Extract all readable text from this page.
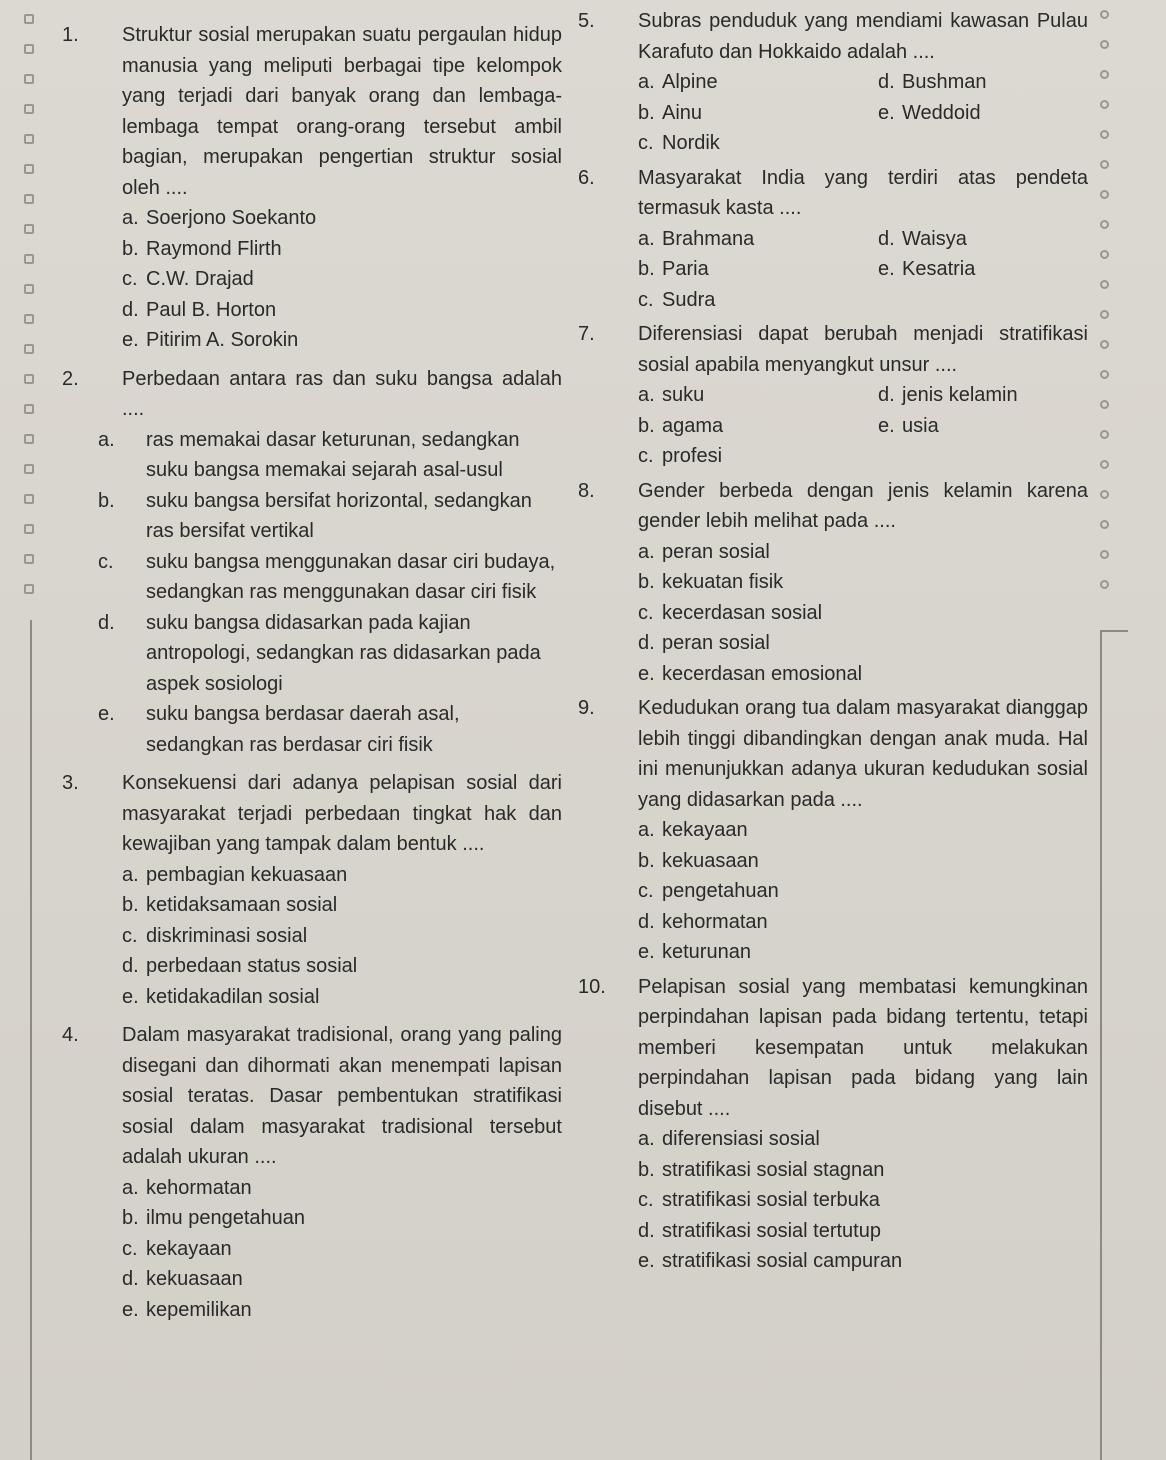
1. Struktur sosial merupakan suatu pergaulan hidup manusia yang meliputi berbagai tipe kelompok yang terjadi dari banyak orang dan lembaga-lembaga tempat orang-orang tersebut ambil bagian, merupakan pengertian struktur sosial oleh ....
a. Soerjono Soekanto
b. Raymond Flirth
c. C.W. Drajad
d. Paul B. Horton
e. Pitirim A. Sorokin
2. Perbedaan antara ras dan suku bangsa adalah ....
a. ras memakai dasar keturunan, sedangkan suku bangsa memakai sejarah asal-usul
b. suku bangsa bersifat horizontal, sedangkan ras bersifat vertikal
c. suku bangsa menggunakan dasar ciri budaya, sedangkan ras menggunakan dasar ciri fisik
d. suku bangsa didasarkan pada kajian antropologi, sedangkan ras didasarkan pada aspek sosiologi
e. suku bangsa berdasar daerah asal, sedangkan ras berdasar ciri fisik
3. Konsekuensi dari adanya pelapisan sosial dari masyarakat terjadi perbedaan tingkat hak dan kewajiban yang tampak dalam bentuk ....
a. pembagian kekuasaan
b. ketidaksamaan sosial
c. diskriminasi sosial
d. perbedaan status sosial
e. ketidakadilan sosial
4. Dalam masyarakat tradisional, orang yang paling disegani dan dihormati akan menempati lapisan sosial teratas. Dasar pembentukan stratifikasi sosial dalam masyarakat tradisional tersebut adalah ukuran ....
a. kehormatan
b. ilmu pengetahuan
c. kekayaan
d. kekuasaan
e. kepemilikan
5. Subras penduduk yang mendiami kawasan Pulau Karafuto dan Hokkaido adalah ....
a. Alpine	d. Bushman
b. Ainu	e. Weddoid
c. Nordik
6. Masyarakat India yang terdiri atas pendeta termasuk kasta ....
a. Brahmana	d. Waisya
b. Paria	e. Kesatria
c. Sudra
7. Diferensiasi dapat berubah menjadi stratifikasi sosial apabila menyangkut unsur ....
a. suku	d. jenis kelamin
b. agama	e. usia
c. profesi
8. Gender berbeda dengan jenis kelamin karena gender lebih melihat pada ....
a. peran sosial
b. kekuatan fisik
c. kecerdasan sosial
d. peran sosial
e. kecerdasan emosional
9. Kedudukan orang tua dalam masyarakat dianggap lebih tinggi dibandingkan dengan anak muda. Hal ini menunjukkan adanya ukuran kedudukan sosial yang didasarkan pada ....
a. kekayaan
b. kekuasaan
c. pengetahuan
d. kehormatan
e. keturunan
10. Pelapisan sosial yang membatasi kemungkinan perpindahan lapisan pada bidang tertentu, tetapi memberi kesempatan untuk melakukan perpindahan lapisan pada bidang yang lain disebut ....
a. diferensiasi sosial
b. stratifikasi sosial stagnan
c. stratifikasi sosial terbuka
d. stratifikasi sosial tertutup
e. stratifikasi sosial campuran
